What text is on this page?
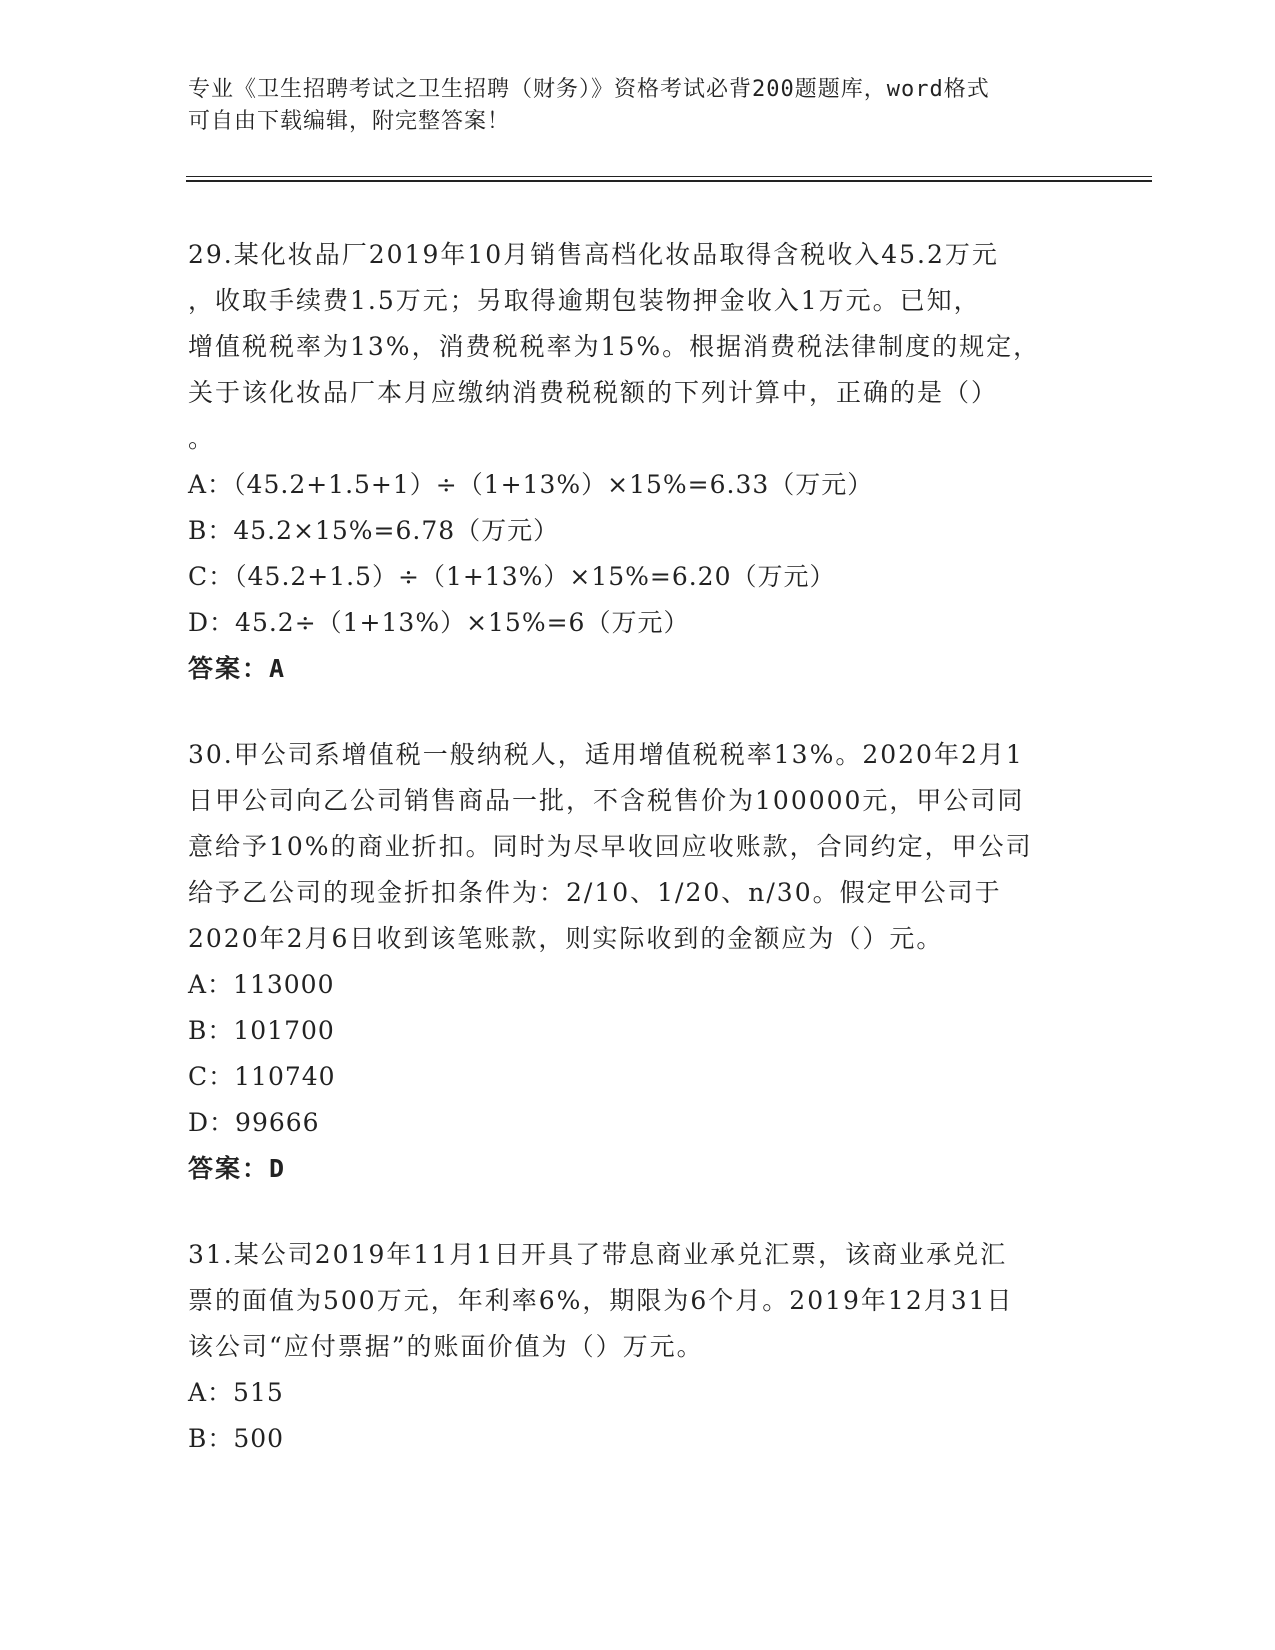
专业《卫生招聘考试之卫生招聘（财务）》资格考试必背200题题库，word格式
可自由下载编辑，附完整答案！

29.某化妆品厂2019年10月销售高档化妆品取得含税收入45.2万元
，收取手续费1.5万元；另取得逾期包装物押金收入1万元。已知，
增值税税率为13%，消费税税率为15%。根据消费税法律制度的规定，
关于该化妆品厂本月应缴纳消费税税额的下列计算中，正确的是（）
。

A：（45.2+1.5+1）÷（1+13%）×15%=6.33（万元）
B：45.2×15%=6.78（万元）
C：（45.2+1.5）÷（1+13%）×15%=6.20（万元）
D：45.2÷（1+13%）×15%=6（万元）
答案：A

30.甲公司系增值税一般纳税人，适用增值税税率13%。2020年2月1
日甲公司向乙公司销售商品一批，不含税售价为100000元，甲公司同
意给予10%的商业折扣。同时为尽早收回应收账款，合同约定，甲公司
给予乙公司的现金折扣条件为：2/10、1/20、n/30。假定甲公司于
2020年2月6日收到该笔账款，则实际收到的金额应为（）元。

A：113000
B：101700
C：110740
D：99666
答案：D

31.某公司2019年11月1日开具了带息商业承兑汇票，该商业承兑汇
票的面值为500万元，年利率6%，期限为6个月。2019年12月31日
该公司“应付票据”的账面价值为（）万元。

A：515
B：500
